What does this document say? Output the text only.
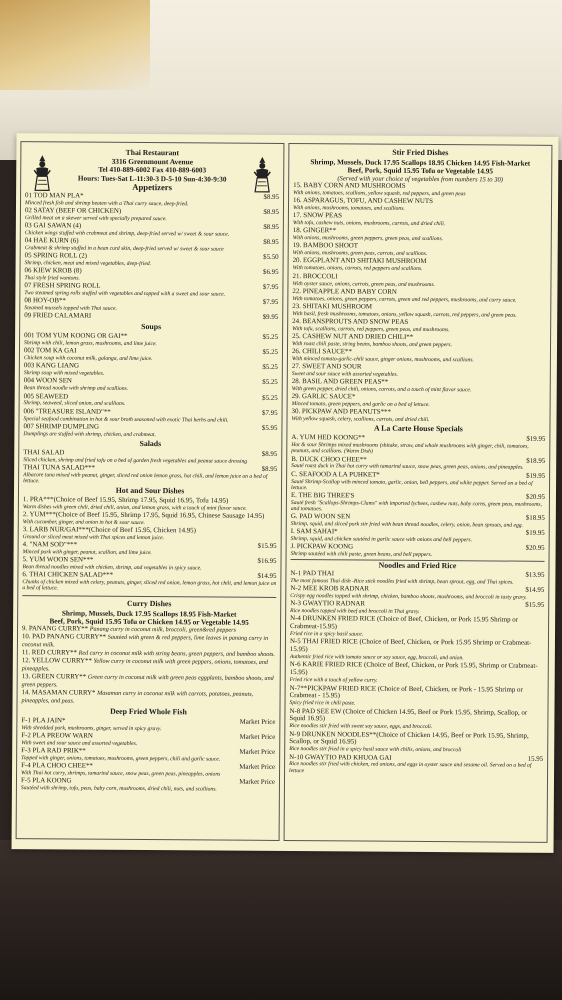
Thai Restaurant
3316 Greenmount Avenue
Tel 410-889-6002 Fax 410-889-6003
Hours: Tues-Sat L-11:30-3 D-5-10 Sun-4:30-9:30
Appetizers
01 TOD MAN PLA*	$8.95
Minced fresh fish and shrimp beaten with a Thai curry sauce, deep-fried.
02 SATAY (BEEF OR CHICKEN)	$8.95
Grilled meat on a skewer served with specially prepared sauce.
03 GAI SAWAN (4)	$8.95
Chicken wings stuffed with crabmeat and shrimp, deep-fried served w/ sweet & sour sauce.
04 HAE KURN (6)	$8.95
Crabmeat & shrimp stuffed in a bean curd skin, deep-fried served w/ sweet & sour sauce
05 SPRING ROLL (2)	$5.50
Shrimp, chicken, meat and mixed vegetables, deep-fried.
06 KIEW KROB (8)	$6.95
Thai style fried wontons.
07 FRESH SPRING ROLL	$7.95
Two steamed spring rolls stuffed with vegetables and topped with a sweet and sour sauce.
08 HOY-OB**	$7.95
Steamed mussels topped with Thai sauce.
09 FRIED CALAMARI	$9.95
Soups
001 TOM YUM KOONG OR GAI**	$5.25
Shrimp with chili, lemon grass, mushrooms, and lime juice.
002 TOM KA GAI	$5.25
Chicken soup with coconut milk, galanga, and lime juice.
003 KANG LIANG	$5.25
Shrimp soup with mixed vegetables.
004 WOON SEN	$5.25
Bean thread noodle with shrimp and scallions.
005 SEAWEED	$5.25
Shrimp, seaweed, sliced onion, and scallions.
006 "TREASURE ISLAND"**	$7.95
Special seafood combination in hot & sour broth seasoned with exotic Thai herbs and chili.
007 SHRIMP DUMPLING	$5.95
Dumplings are stuffed with shrimp, chicken, and crabmeat.
Salads
THAI SALAD	$8.95
Sliced chicken, shrimp and fried tofu on a bed of garden fresh vegetables and peanut sauce dressing
THAI TUNA SALAD***	$8.95
Albacore tuna mixed with peanut, ginger, sliced red onion lemon grass, hot chili, and lemon juice on a bed of lettuce.
Hot and Sour Dishes
1. PRA***(Choice of Beef 15.95, Shrimp 17.95, Squid 16.95, Tofu 14.95)
Warm dishes with green chili, dried chili, onion, and lemon grass, with a touch of mint flavor sauce.
2. YUM***(Choice of Beef 15.95, Shrimp 17.95, Squid 16.95, Chinese Sausage 14.95)
With cucumber, ginger, and onion in hot & sour sauce.
3. LARB NUR/GAI***(Choice of Beef 15.95, Chicken 14.95)
Ground or sliced meat mixed with Thai spices and lemon juice.
4. "NAM SOD"***	$15.95
Minced pork with ginger, peanut, scallion, and lime juice.
5. YUM WOON SEN***	$16.95
Bean thread noodles mixed with chicken, shrimp, and vegetables in spicy sauce.
6. THAI CHICKEN SALAD***	$14.95
Chunks of chicken mixed with celery, peanuts, ginger, sliced red onion, lemon grass, hot chili, and lemon juice on a bed of lettuce.
Curry Dishes
Shrimp, Mussels, Duck 17.95 Scallops 18.95 Fish-Market
Beef, Pork, Squid 15.95 Tofu or Chicken 14.95 or Vegetable 14.95
9. PANANG CURRY** Panang curry in coconut milk, broccoli, green&red peppers
10. PAD PANANG CURRY** Sautéed with green & red peppers, lime leaves in panang curry in coconut milk.
11. RED CURRY** Red curry in coconut milk with string beans, green peppers, and bamboo shoots.
12. YELLOW CURRY** Yellow curry in coconut milk with green peppers, onions, tomatoes, and pineapples.
13. GREEN CURRY** Green curry in coconut milk with green peas eggplants, bamboo shoots, and green peppers.
14. MASAMAN CURRY* Masaman curry in coconut milk with carrots, potatoes, peanuts, pineapples, and peas.
Deep Fried Whole Fish
F-1 PLA JAIN*	Market Price
With shredded pork, mushrooms, ginger, served in spicy gravy.
F-2 PLA PREOW WARN	Market Price
With sweet and sour sauce and assorted vegetables.
F-3 PLA RAD PRIK**	Market Price
Topped with ginger, onions, tomatoes, mushrooms, green peppers, chili and garlic sauce.
F-4 PLA CHOO CHEE**	Market Price
With Thai hot curry, shrimps, tamarind sauce, snow peas, green peas, pineapples, onions
F-5 PLA KOONG	Market Price
Sautéed with shrimp, tofu, peas, baby corn, mushrooms, dried chili, nuts, and scallions.
Stir Fried Dishes
Shrimp, Mussels, Duck 17.95 Scallops 18.95 Chicken 14.95 Fish-Market
Beef, Pork, Squid 15.95 Tofu or Vegetable 14.95
(Served with your choice of vegetables from numbers 15 to 30)
15. BABY CORN AND MUSHROOMS
With onions, tomatoes, scallions, yellow squash, red peppers, and green peas
16. ASPARAGUS, TOFU, AND CASHEW NUTS
With onions, mushrooms, tomatoes, and scallions.
17. SNOW PEAS
With tofu, cashew nuts, onions, mushrooms, carrots, and dried chili.
18. GINGER**
With onions, mushrooms, green peppers, green peas, and scallions.
19. BAMBOO SHOOT
With onions, mushrooms, green peas, carrots, and scallions.
20. EGGPLANT AND SHITAKI MUSHROOM
With tomatoes, onions, carrots, red peppers and scallions.
21. BROCCOLI
With oyster sauce, onions, carrots, green peas, and mushrooms.
22. PINEAPPLE AND BABY CORN
With tomatoes, onions, green peppers, carrots, green and red peppers, mushrooms, and curry sauce.
23. SHITAKI MUSHROOM
With basil, fresh mushrooms, tomatoes, onions, yellow squash, carrots, red peppers, and green peas.
24. BEANSPROUTS AND SNOW PEAS
With tofu, scallions, carrots, red peppers, green peas, and mushrooms.
25. CASHEW NUT AND DRIED CHILI**
With roast chili paste, string beans, bamboo shoots, and green peppers.
26. CHILI SAUCE**
With minced tomato-garlic-chili sauce, ginger onions, mushrooms, and scallions.
27. SWEET AND SOUR
Sweet and sour sauce with assorted vegetables.
28. BASIL AND GREEN PEAS**
With green pepper, dried chili, onions, carrots, and a touch of mint flavor sauce.
29. GARLIC SAUCE*
Minced tomato, green peppers, and garlic on a bed of lettuce.
30. PICKPAW AND PEANUTS***
With yellow squash, celery, scallions, carrots, and dried chili.
A La Carte House Specials
A. YUM HED KOONG**	$19.95
Hot & sour Shrimps mixed mushrooms (shitake, straw, and whole mushrooms with ginger, chili, tomatoes, peanuts, and scallions. (Warm Dish)
B. DUCK CHOO CHEE**	$18.95
Sauté roast duck in Thai hot curry with tamarind sauce, snow peas, green peas, onions, and pineapples.
C. SEAFOOD A LA PUHKET*	$19.95
Sauté Shrimp-Scallop with minced tomato, garlic, onion, bell peppers, and white pepper. Served on a bed of lettuce.
E. THE BIG THREE'S	$20.95
Sauté fresh "Scallops-Shrimps-Clams" with imported lychees, cashew nuts, baby corns, green peas, mushrooms, and tomatoes.
G. PAD WOON SEN	$18.95
Shrimp, squid, and sliced pork stir fried with bean thread noodles, celery, onion, bean sprouts, and egg.
I. SAM SAHAI*	$19.95
Shrimp, squid, and chicken sautéed in garlic sauce with onions and bell peppers.
J. PICKPAW KOONG	$20.95
Shrimp sautéed with chili paste, green beans, and bell peppers.
Noodles and Fried Rice
N-1 PAD THAI	$13.95
The most famous Thai dish -Rice stick noodles fried with shrimp, bean sprout, egg, and Thai spices.
N-2 MEE KROB RADNAR	$14.95
Crispy egg noodles topped with shrimp, chicken, bamboo shoots, mushrooms, and broccoli in tasty gravy.
N-3 GWAYTIO RADNAR	$15.95
Rice noodles topped with beef and broccoli in Thai gravy.
N-4 DRUNKEN FRIED RICE (Choice of Beef, Chicken, or Pork 15.95 Shrimp or Crabmeat-15.95)
Fried rice in a spicy basil sauce.
N-5 THAI FRIED RICE (Choice of Beef, Chicken, or Pork 15.95 Shrimp or Crabmeat-15.95)
Authentic fried rice with tomato sauce or soy sauce, egg, broccoli, and onion.
N-6 KARIE FRIED RICE (Choice of Beef, Chicken, or Pork 15.95, Shrimp or Crabmeat-15.95)
Fried rice with a touch of yellow curry.
N-7**PICKPAW FRIED RICE (Choice of Beef, Chicken, or Pork - 15.95 Shrimp or Crabmeat - 15.95)
Spicy fried rice in chili paste.
N-8 PAD SEE EW (Choice of Chicken 14.95, Beef or Pork 15.95, Shrimp, Scallop, or Squid 16.95)
Rice noodles stir fried with sweet soy sauce, eggs, and broccoli.
N-9 DRUNKEN NOODLES**(Choice of Chicken 14.95, Beef or Pork 15.95, Shrimp, Scallop, or Squid 16.95)
Rice noodles stir fried in a spicy basil sauce with chilis, onions, and broccoli
N-10 GWAYTIO PAD KHUOA GAI	15.95
Rice noodles stir fried with chicken, red onions, and eggs in oyster sauce and sesame oil. Served on a bed of lettuce
